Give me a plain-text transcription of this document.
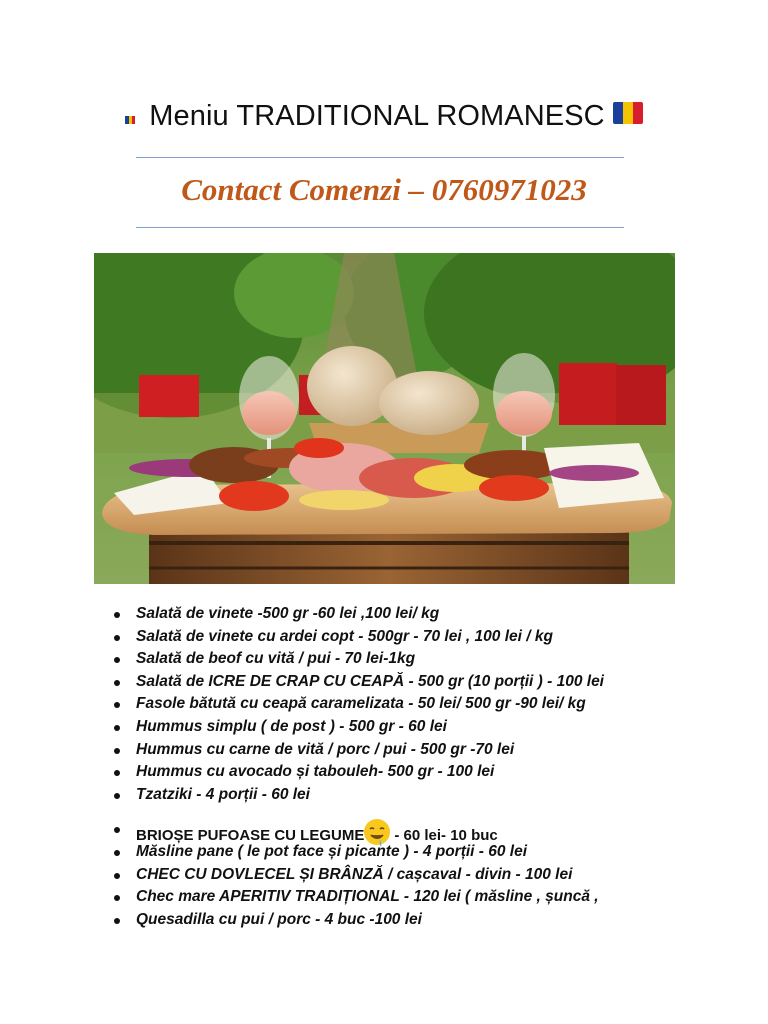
Meniu TRADITIONAL ROMANESC
Contact Comenzi – 0760971023
Salată de vinete -500 gr -60 lei ,100 lei/ kg
Salată de vinete cu ardei copt - 500gr - 70 lei , 100 lei / kg
Salată de beof cu vită / pui - 70 lei-1kg
Salată de ICRE DE CRAP CU CEAPĂ - 500 gr (10 porții ) - 100 lei
Fasole bătută cu ceapă caramelizata - 50 lei/ 500 gr -90 lei/ kg
Hummus simplu ( de post ) - 500 gr - 60 lei
Hummus cu carne de vită / porc / pui - 500 gr -70 lei
Hummus cu avocado și tabouleh- 500 gr - 100 lei
Tzatziki - 4 porții - 60 lei
BRIOȘE PUFOASE CU LEGUME - 60 lei- 10 buc
Măsline pane ( le pot face și picante ) - 4 porții - 60 lei
CHEC CU DOVLECEL ȘI BRÂNZĂ / cașcaval - divin - 100 lei
Chec mare APERITIV TRADIȚIONAL - 120 lei ( măsline , șuncă ,
Quesadilla cu pui / porc - 4 buc -100 lei
